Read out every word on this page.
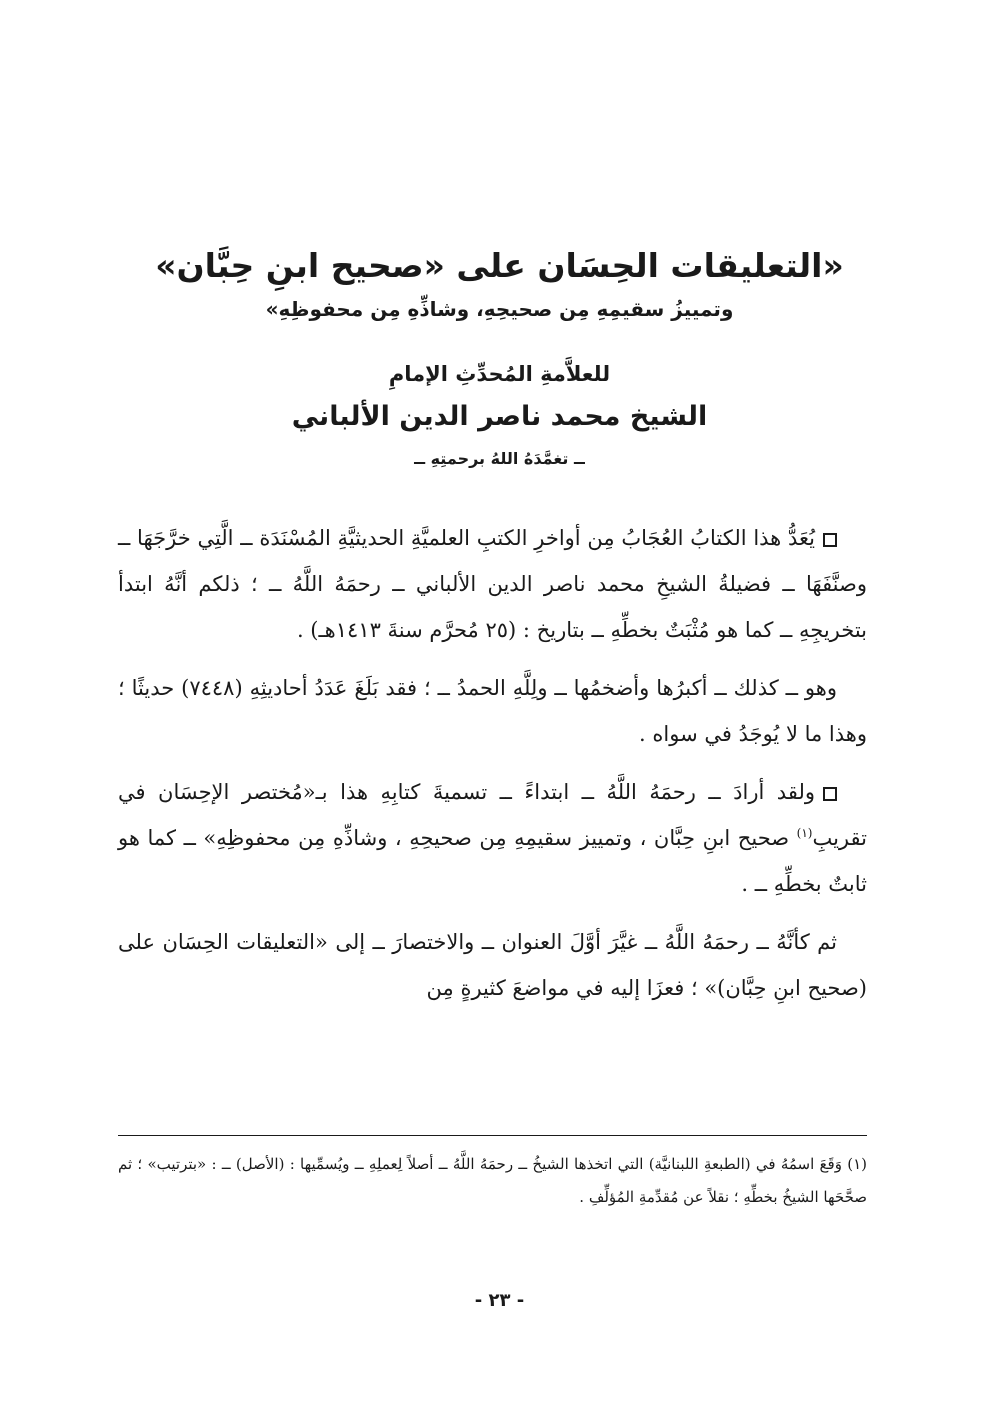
«التعليقات الحِسَان على «صحيح ابنِ حِبَّان»
وتمييزُ سقيمِهِ مِن صحيحِهِ، وشاذِّهِ مِن محفوظِهِ»
للعلاَّمةِ المُحدِّثِ الإمامِ
الشيخ محمد ناصر الدين الألباني
ــ تغمَّدَهُ اللهُ برحمتِهِ ــ

يُعَدُّ هذا الكتابُ العُجَابُ مِن أواخرِ الكتبِ العلميَّةِ الحديثيَّةِ المُسْنَدَة ــ الَّتِي خرَّجَهَا ــ وصنَّفَهَا ــ فضيلةُ الشيخِ محمد ناصر الدين الألباني ــ رحمَهُ اللَّهُ ــ ؛ ذلكم أنَّهُ ابتدأ بتخريجِهِ ــ كما هو مُثْبَتٌ بخطِّهِ ــ بتاريخ : (٢٥ مُحرَّم سنةَ ١٤١٣هـ) .

وهو ــ كذلك ــ أكبرُها وأضخمُها ــ ولِلَّهِ الحمدُ ــ ؛ فقد بَلَغَ عَدَدُ أحاديثِهِ (٧٤٤٨) حديثًا ؛ وهذا ما لا يُوجَدُ في سواه .

ولقد أرادَ ــ رحمَهُ اللَّهُ ــ ابتداءً ــ تسميةَ كتابِهِ هذا بـ«مُختصر الإحِسَان في تقريبِ$^{(١)}$ صحيح ابنِ حِبَّان ، وتمييز سقيمِهِ مِن صحيحِهِ ، وشاذِّهِ مِن محفوظِهِ» ــ كما هو ثابتٌ بخطِّهِ ــ .

ثم كأنَّهُ ــ رحمَهُ اللَّهُ ــ غيَّرَ أوَّلَ العنوان ــ والاختصارَ ــ إلى «التعليقات الحِسَان على (صحيح ابنِ حِبَّان)» ؛ فعزَا إليه في مواضعَ كثيرةٍ مِن

(١) وَقَعَ اسمُهُ في (الطبعةِ اللبنانيَّة) التي اتخذها الشيخُ ــ رحمَهُ اللَّهُ ــ أصلاً لِعملِهِ ــ ويُسمِّيها : (الأصل) ــ : «بترتيب» ؛ ثم صحَّحَها الشيخُ بخطِّهِ ؛ نقلاً عن مُقدِّمةِ المُؤلِّفِ .
- ٢٣ -
